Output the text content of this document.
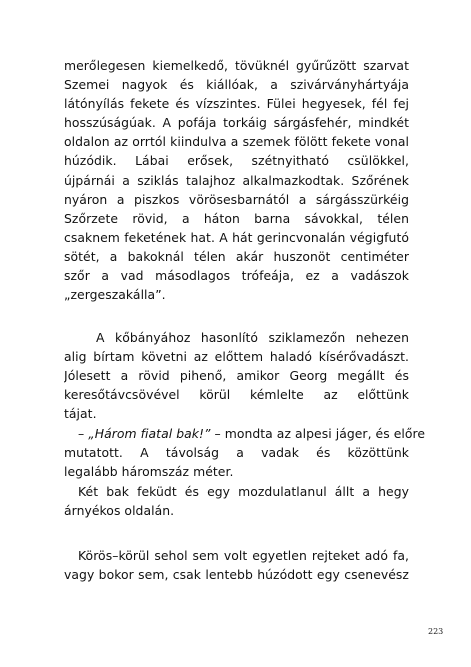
merőlegesen kiemelkedő, tövüknél gyűrűzött szarvat
Szemei nagyok és kiállóak, a szivárványhártyája
látónyílás fekete és vízszintes. Fülei hegyesek, fél fej
hosszúságúak. A pofája torkáig sárgásfehér, mindkét
oldalon az orrtól kiindulva a szemek fölött fekete vonal
húzódik. Lábai erősek, szétnyitható csülökkel,
újpárnái a sziklás talajhoz alkalmazkodtak. Szőrének
nyáron a piszkos vörösesbarnától a sárgásszürkéig
Szőrzete rövid, a háton barna sávokkal, télen
csaknem feketének hat. A hát gerincvonalán végigfutó
sötét, a bakoknál télen akár huszonöt centiméter
szőr a vad másodlagos trófeája, ez a vadászok
„zergeszakálla”.
A kőbányához hasonlító sziklamezőn nehezen
alig bírtam követni az előttem haladó kísérővadászt.
Jólesett a rövid pihenő, amikor Georg megállt és
keresőtávcsövével körül kémlelte az előttünk
tájat.
– „Három fiatal bak!” – mondta az alpesi jáger, és előre
mutatott. A távolság a vadak és közöttünk
legalább háromszáz méter.
Két bak feküdt és egy mozdulatlanul állt a hegy
árnyékos oldalán.
Körös–körül sehol sem volt egyetlen rejteket adó fa,
vagy bokor sem, csak lentebb húzódott egy csenevész
223
